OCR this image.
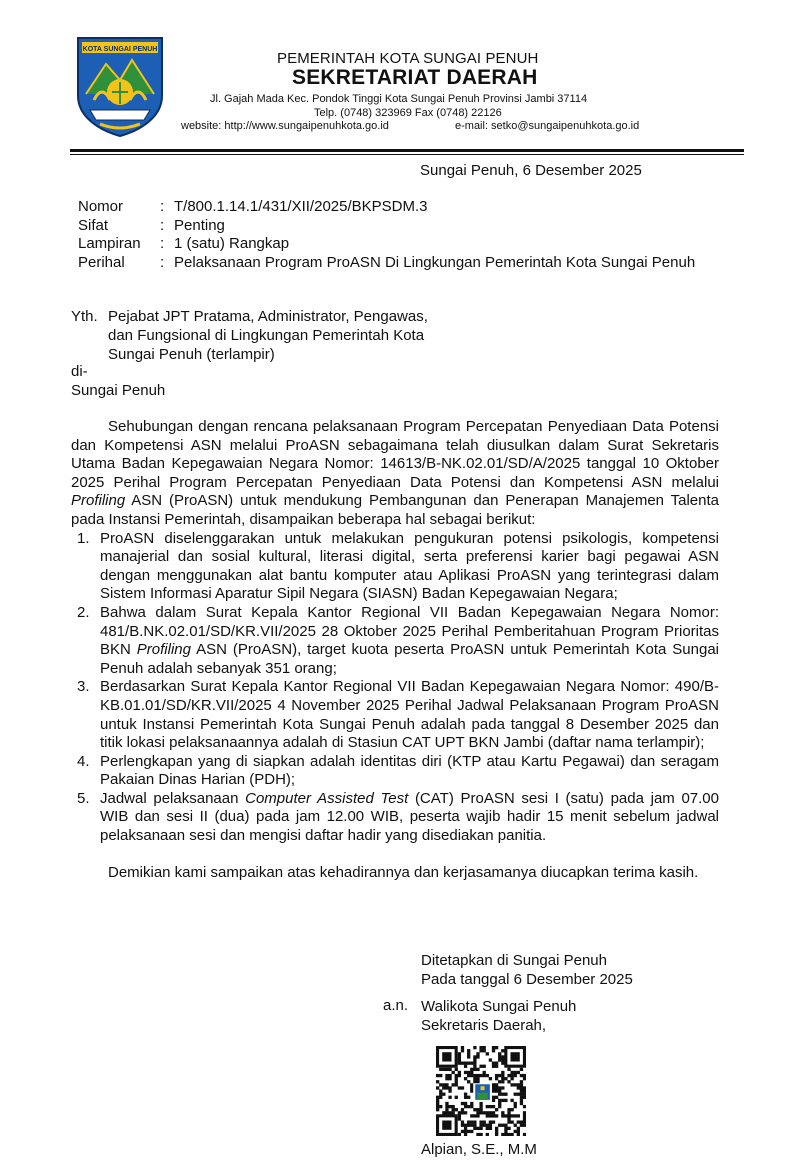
KOTA SUNGAI PENUH
PEMERINTAH KOTA SUNGAI PENUH
SEKRETARIAT DAERAH
Jl. Gajah Mada Kec. Pondok Tinggi Kota Sungai Penuh Provinsi Jambi 37114
Telp. (0748) 323969 Fax (0748) 22126
website: http://www.sungaipenuhkota.go.id	e-mail: setko@sungaipenuhkota.go.id
Sungai Penuh, 6 Desember 2025
Nomor	: T/800.1.14.1/431/XII/2025/BKPSDM.3
Sifat	: Penting
Lampiran	: 1 (satu) Rangkap
Perihal	: Pelaksanaan Program ProASN Di Lingkungan Pemerintah Kota Sungai Penuh
Yth. Pejabat JPT Pratama, Administrator, Pengawas,
dan Fungsional di Lingkungan Pemerintah Kota
Sungai Penuh (terlampir)
di-
Sungai Penuh

Sehubungan dengan rencana pelaksanaan Program Percepatan Penyediaan Data Potensi dan Kompetensi ASN melalui ProASN sebagaimana telah diusulkan dalam Surat Sekretaris Utama Badan Kepegawaian Negara Nomor: 14613/B-NK.02.01/SD/A/2025 tanggal 10 Oktober 2025 Perihal Program Percepatan Penyediaan Data Potensi dan Kompetensi ASN melalui Profiling ASN (ProASN) untuk mendukung Pembangunan dan Penerapan Manajemen Talenta pada Instansi Pemerintah, disampaikan beberapa hal sebagai berikut:

1. ProASN diselenggarakan untuk melakukan pengukuran potensi psikologis, kompetensi manajerial dan sosial kultural, literasi digital, serta preferensi karier bagi pegawai ASN dengan menggunakan alat bantu komputer atau Aplikasi ProASN yang terintegrasi dalam Sistem Informasi Aparatur Sipil Negara (SIASN) Badan Kepegawaian Negara;
2. Bahwa dalam Surat Kepala Kantor Regional VII Badan Kepegawaian Negara Nomor: 481/B.NK.02.01/SD/KR.VII/2025 28 Oktober 2025 Perihal Pemberitahuan Program Prioritas BKN Profiling ASN (ProASN), target kuota peserta ProASN untuk Pemerintah Kota Sungai Penuh adalah sebanyak 351 orang;
3. Berdasarkan Surat Kepala Kantor Regional VII Badan Kepegawaian Negara Nomor: 490/B-KB.01.01/SD/KR.VII/2025 4 November 2025 Perihal Jadwal Pelaksanaan Program ProASN untuk Instansi Pemerintah Kota Sungai Penuh adalah pada tanggal 8 Desember 2025 dan titik lokasi pelaksanaannya adalah di Stasiun CAT UPT BKN Jambi (daftar nama terlampir);
4. Perlengkapan yang di siapkan adalah identitas diri (KTP atau Kartu Pegawai) dan seragam Pakaian Dinas Harian (PDH);
5. Jadwal pelaksanaan Computer Assisted Test (CAT) ProASN sesi I (satu) pada jam 07.00 WIB dan sesi II (dua) pada jam 12.00 WIB, peserta wajib hadir 15 menit sebelum jadwal pelaksanaan sesi dan mengisi daftar hadir yang disediakan panitia.

Demikian kami sampaikan atas kehadirannya dan kerjasamanya diucapkan terima kasih.

Ditetapkan di Sungai Penuh
Pada tanggal 6 Desember 2025
a.n. Walikota Sungai Penuh
Sekretaris Daerah,
Alpian, S.E., M.M
